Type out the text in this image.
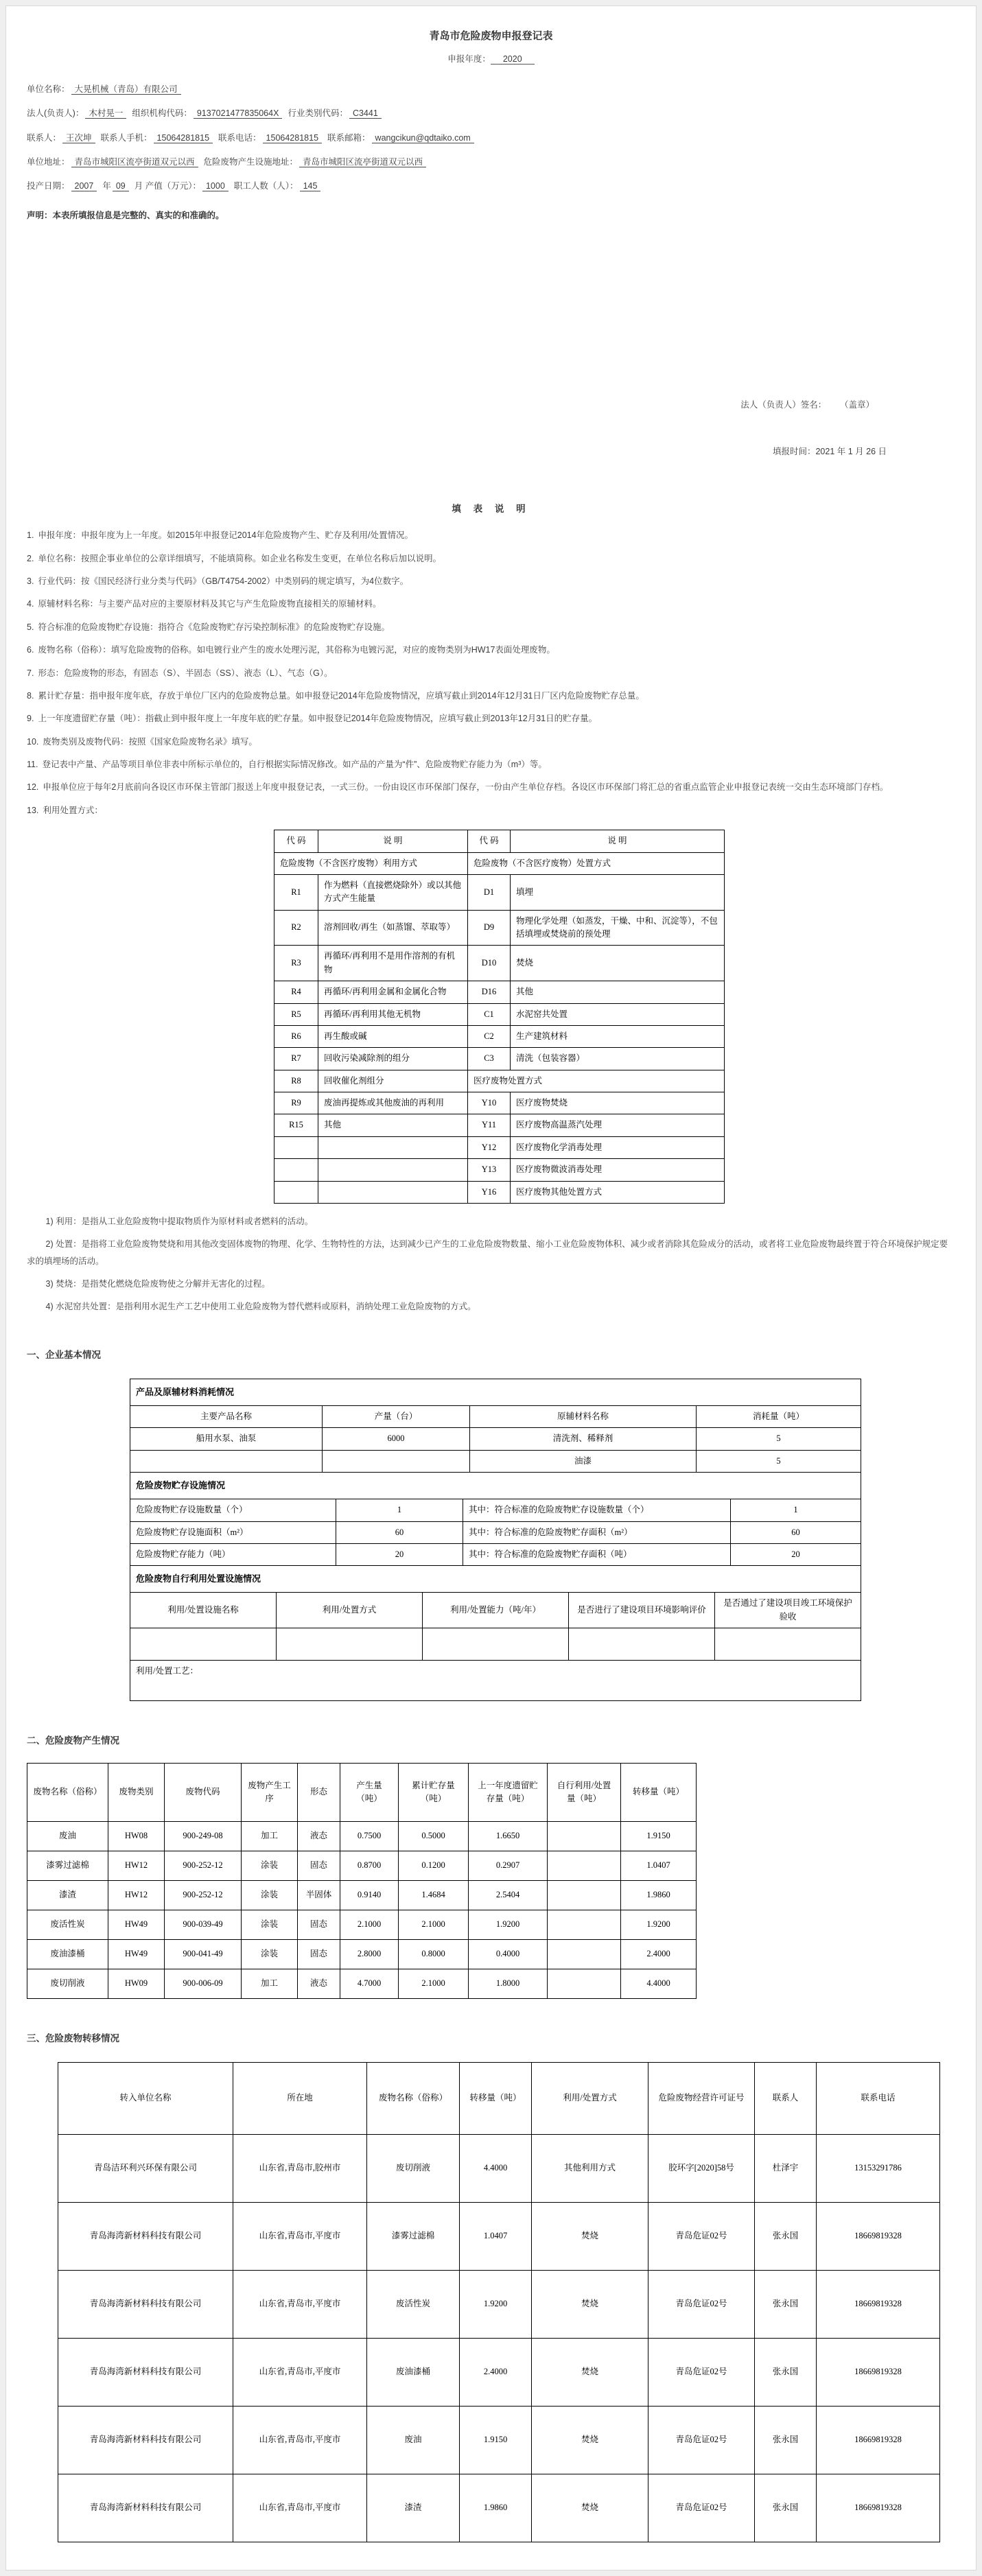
青岛市危险废物申报登记表
申报年度： 2020
单位名称： 大晃机械（青岛）有限公司
法人(负责人)： 木村晃一 组织机构代码： 9137021477835064X 行业类别代码： C3441
联系人： 王次坤 联系人手机： 15064281815 联系电话： 15064281815 联系邮箱： wangcikun@qdtaiko.com
单位地址： 青岛市城阳区流亭街道双元以西 危险废物产生设施地址： 青岛市城阳区流亭街道双元以西
投产日期： 2007 年 09 月 产值（万元）： 1000 职工人数（人）： 145
声明：本表所填报信息是完整的、真实的和准确的。
法人（负责人）签名： （盖章）
填报时间：2021 年 1 月 26 日
填 表 说 明
1. 申报年度：申报年度为上一年度。如2015年申报登记2014年危险废物产生、贮存及利用/处置情况。
2. 单位名称：按照企事业单位的公章详细填写，不能填简称。如企业名称发生变更，在单位名称后加以说明。
3. 行业代码：按《国民经济行业分类与代码》（GB/T4754-2002）中类别码的规定填写，为4位数字。
4. 原辅材料名称：与主要产品对应的主要原材料及其它与产生危险废物直接相关的原辅材料。
5. 符合标准的危险废物贮存设施：指符合《危险废物贮存污染控制标准》的危险废物贮存设施。
6. 废物名称（俗称）：填写危险废物的俗称。如电镀行业产生的废水处理污泥，其俗称为电镀污泥，对应的废物类别为HW17表面处理废物。
7. 形态：危险废物的形态，有固态（S）、半固态（SS）、液态（L）、气态（G）。
8. 累计贮存量：指申报年度年底，存放于单位厂区内的危险废物总量。如申报登记2014年危险废物情况，应填写截止到2014年12月31日厂区内危险废物贮存总量。
9. 上一年度遗留贮存量（吨）：指截止到申报年度上一年度年底的贮存量。如申报登记2014年危险废物情况，应填写截止到2013年12月31日的贮存量。
10. 废物类别及废物代码：按照《国家危险废物名录》填写。
11. 登记表中产量、产品等项目单位非表中所标示单位的，自行根据实际情况修改。如产品的产量为“件”、危险废物贮存能力为（m³）等。
12. 申报单位应于每年2月底前向各设区市环保主管部门报送上年度申报登记表，一式三份。一份由设区市环保部门保存，一份由产生单位存档。各设区市环保部门将汇总的省重点监管企业申报登记表统一交由生态环境部门存档。
13. 利用处置方式：
代 码	说 明	代 码	说 明
危险废物（不含医疗废物）利用方式		危险废物（不含医疗废物）处置方式	
R1	作为燃料（直接燃烧除外）或以其他方式产生能量	D1	填埋
R2	溶剂回收/再生（如蒸馏、萃取等）	D9	物理化学处理（如蒸发，干燥、中和、沉淀等），不包括填埋或焚烧前的预处理
R3	再循环/再利用不是用作溶剂的有机物	D10	焚烧
R4	再循环/再利用金属和金属化合物	D16	其他
R5	再循环/再利用其他无机物	C1	水泥窑共处置
R6	再生酸或碱	C2	生产建筑材料
R7	回收污染减除剂的组分	C3	清洗（包装容器）
R8	回收催化剂组分	医疗废物处置方式	
R9	废油再提炼或其他废油的再利用	Y10	医疗废物焚烧
R15	其他	Y11	医疗废物高温蒸汽处理
		Y12	医疗废物化学消毒处理
		Y13	医疗废物微波消毒处理
		Y16	医疗废物其他处置方式
1) 利用：是指从工业危险废物中提取物质作为原材料或者燃料的活动。
2) 处置：是指将工业危险废物焚烧和用其他改变固体废物的物理、化学、生物特性的方法，达到减少已产生的工业危险废物数量、缩小工业危险废物体积、减少或者消除其危险成分的活动，或者将工业危险废物最终置于符合环境保护规定要求的填埋场的活动。
3) 焚烧：是指焚化燃烧危险废物使之分解并无害化的过程。
4) 水泥窑共处置：是指利用水泥生产工艺中使用工业危险废物为替代燃料或原料，消纳处理工业危险废物的方式。
一、企业基本情况
产品及原辅材料消耗情况			
主要产品名称	产量（台）	原辅材料名称	消耗量（吨）
船用水泵、油泵	6000	清洗剂、稀释剂	5
		油漆	5
危险废物贮存设施情况			
危险废物贮存设施数量（个）	1	其中：符合标准的危险废物贮存设施数量（个）	1
危险废物贮存设施面积（m²）	60	其中：符合标准的危险废物贮存面积（m²）	60
危险废物贮存能力（吨）	20	其中：符合标准的危险废物贮存面积（吨）	20
危险废物自行利用处置设施情况				
利用/处置设施名称	利用/处置方式	利用/处置能力（吨/年）	是否进行了建设项目环境影响评价	是否通过了建设项目竣工环境保护验收

利用/处置工艺：				
二、危险废物产生情况
废物名称（俗称）	废物类别	废物代码	废物产生工序	形态	产生量（吨）	累计贮存量（吨）	上一年度遗留贮存量（吨）	自行利用/处置量（吨）	转移量（吨）
废油	HW08	900-249-08	加工	液态	0.7500	0.5000	1.6650		1.9150
漆雾过滤棉	HW12	900-252-12	涂装	固态	0.8700	0.1200	0.2907		1.0407
漆渣	HW12	900-252-12	涂装	半固体	0.9140	1.4684	2.5404		1.9860
废活性炭	HW49	900-039-49	涂装	固态	2.1000	2.1000	1.9200		1.9200
废油漆桶	HW49	900-041-49	涂装	固态	2.8000	0.8000	0.4000		2.4000
废切削液	HW09	900-006-09	加工	液态	4.7000	2.1000	1.8000		4.4000
三、危险废物转移情况
转入单位名称	所在地	废物名称（俗称）	转移量（吨）	利用/处置方式	危险废物经营许可证号	联系人	联系电话
青岛洁环利兴环保有限公司	山东省,青岛市,胶州市	废切削液	4.4000	其他利用方式	胶环字[2020]58号	杜泽宇	13153291786
青岛海湾新材料科技有限公司	山东省,青岛市,平度市	漆雾过滤棉	1.0407	焚烧	青岛危证02号	张永国	18669819328
青岛海湾新材料科技有限公司	山东省,青岛市,平度市	废活性炭	1.9200	焚烧	青岛危证02号	张永国	18669819328
青岛海湾新材料科技有限公司	山东省,青岛市,平度市	废油漆桶	2.4000	焚烧	青岛危证02号	张永国	18669819328
青岛海湾新材料科技有限公司	山东省,青岛市,平度市	废油	1.9150	焚烧	青岛危证02号	张永国	18669819328
青岛海湾新材料科技有限公司	山东省,青岛市,平度市	漆渣	1.9860	焚烧	青岛危证02号	张永国	18669819328
